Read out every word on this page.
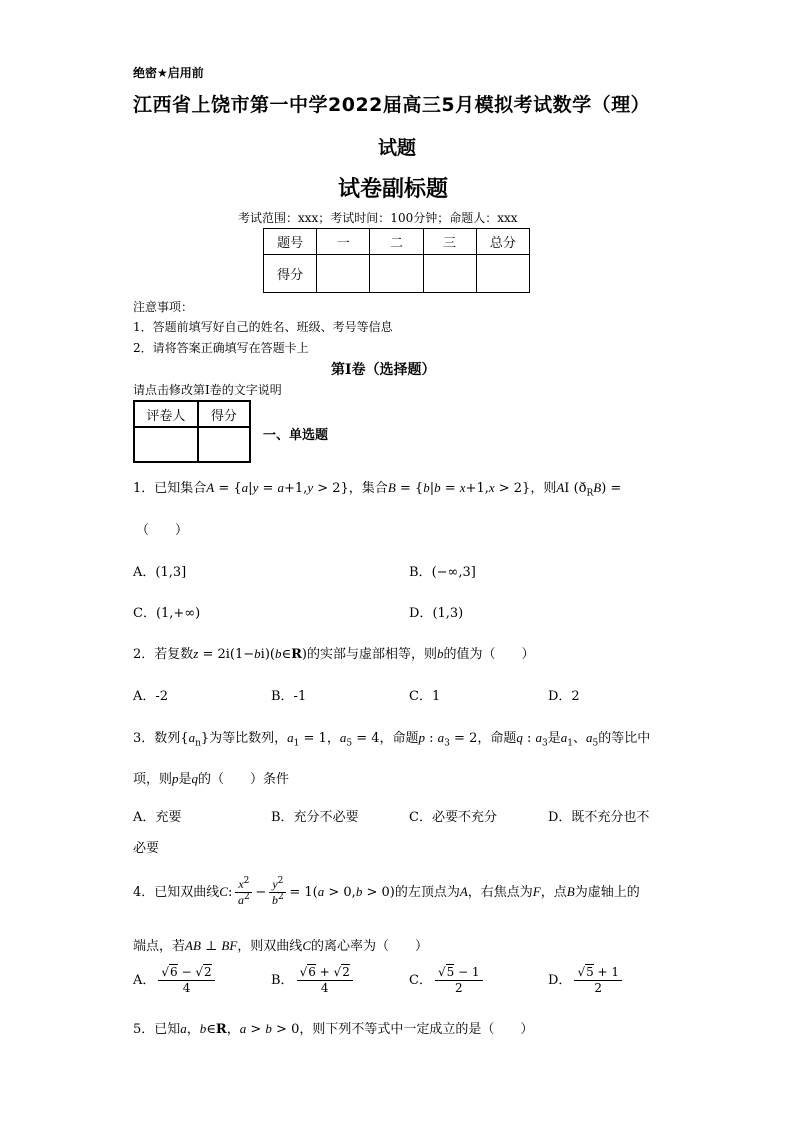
绝密★启用前
江西省上饶市第一中学2022届高三5月模拟考试数学（理）
试题
试卷副标题
考试范围：xxx；考试时间：100分钟；命题人：xxx
题号	一	二	三	总分
得分				
注意事项：
1．答题前填写好自己的姓名、班级、考号等信息
2．请将答案正确填写在答题卡上
第I卷（选择题）
请点击修改第I卷的文字说明
评卷人	得分

一、单选题
1．已知集合A = {a|y = a+1,y > 2}，集合B = {b|b = x+1,x > 2}，则AI $(ð_RB)$ =
（　　）
A．(1,3]	B．(−∞,3]
C．(1,+∞)	D．(1,3)
2．若复数z = 2i(1−bi)(b∈R)的实部与虚部相等，则b的值为（　　）
A．-2	B．-1	C．1	D．2
3．数列$\{a_n\}$为等比数列，$a_1 = 1$，$a_5 = 4$，命题p : $a_3 = 2$，命题q : $a_3$是$a_1$、$a_5$的等比中
项，则p是q的（　　）条件
A．充要	B．充分不必要	C．必要不充分	D．既不充分也不
必要
4．已知双曲线C: $\frac{x^2}{a^2} - \frac{y^2}{b^2} = 1(a > 0,b > 0)$的左顶点为A，右焦点为F，点B为虚轴上的
端点，若AB ⊥ BF，则双曲线C的离心率为（　　）
A． $\frac{√6 - √2}{4}$	B． $\frac{√6 + √2}{4}$	C． $\frac{√5 - 1}{2}$	D． $\frac{√5 + 1}{2}$
5．已知a，b∈R，a > b > 0，则下列不等式中一定成立的是（　　）
